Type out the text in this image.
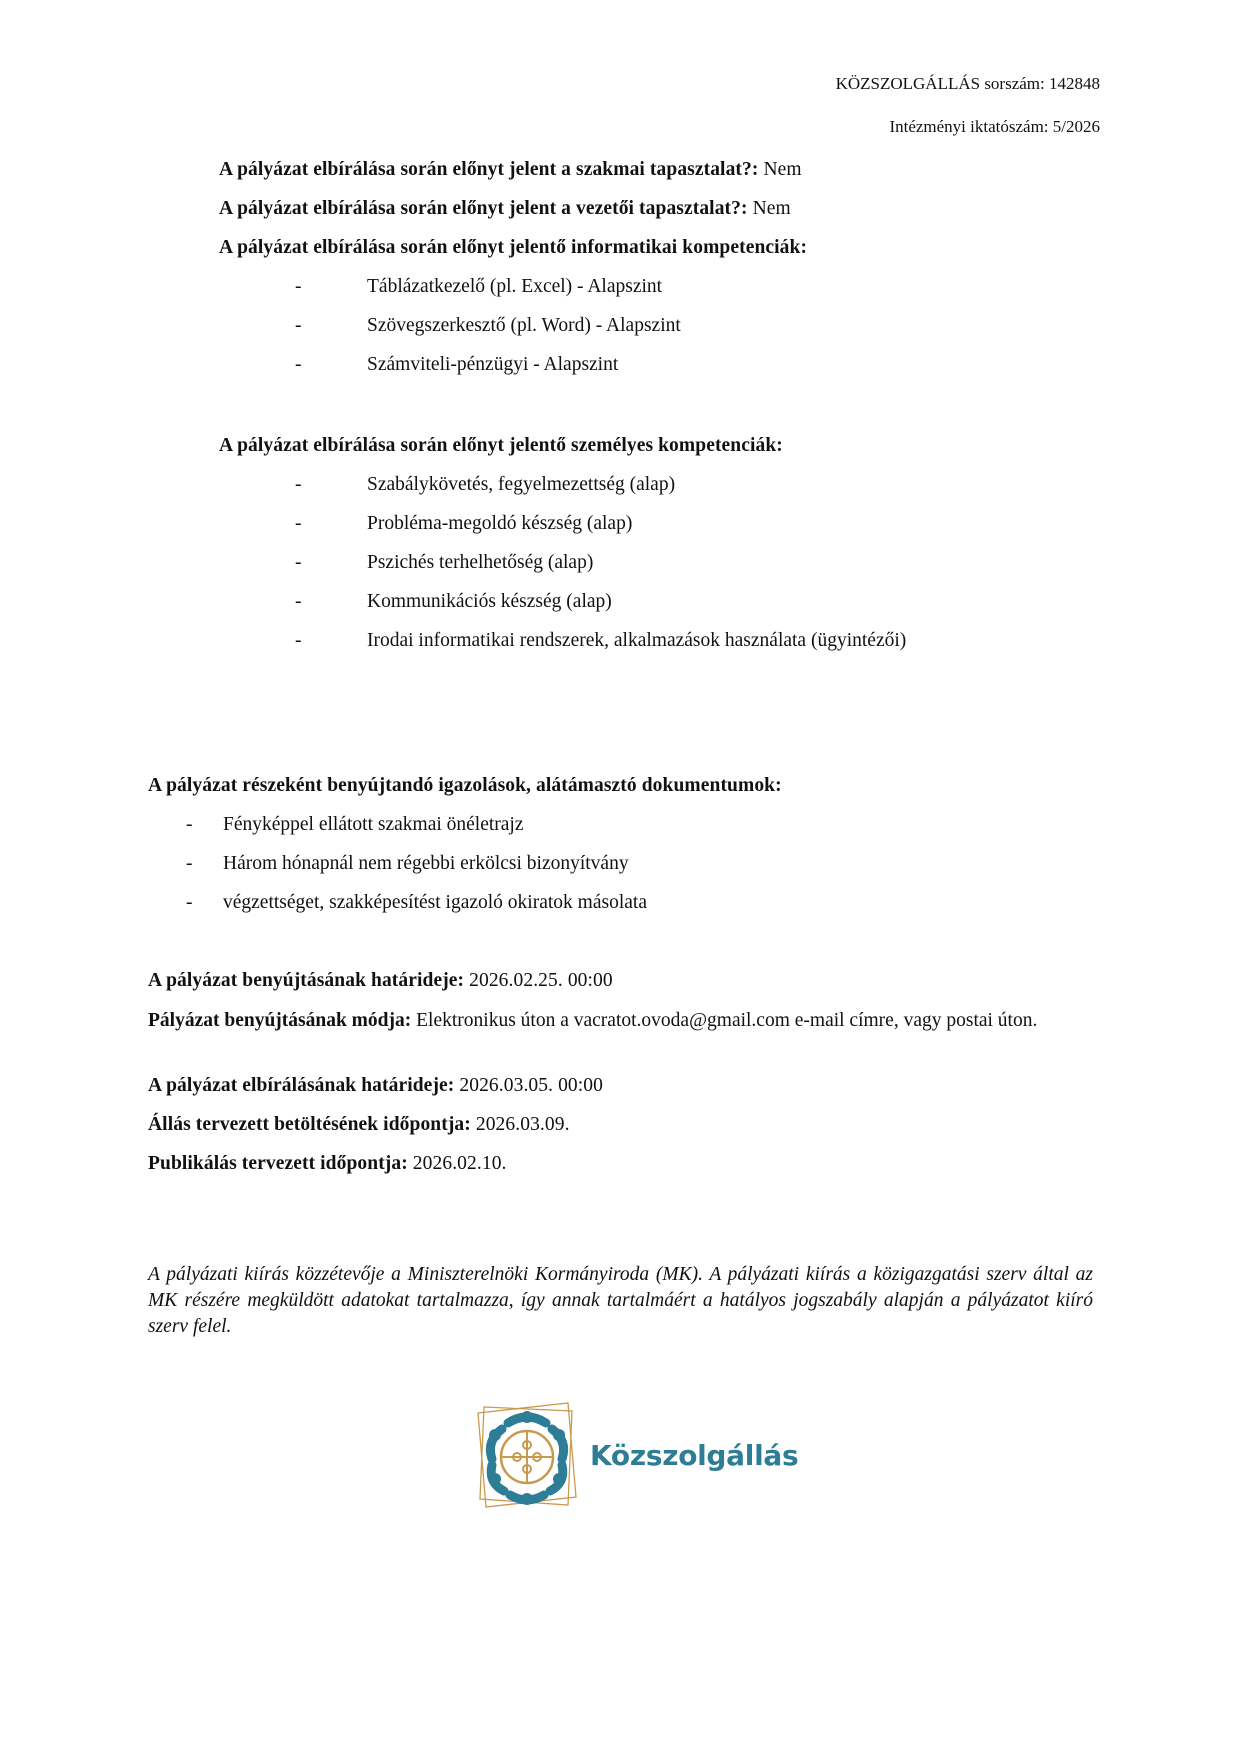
KÖZSZOLGÁLLÁS sorszám: 142848
Intézményi iktatószám: 5/2026
A pályázat elbírálása során előnyt jelent a szakmai tapasztalat?: Nem
A pályázat elbírálása során előnyt jelent a vezetői tapasztalat?: Nem
A pályázat elbírálása során előnyt jelentő informatikai kompetenciák:
-	Táblázatkezelő (pl. Excel) - Alapszint
-	Szövegszerkesztő (pl. Word) - Alapszint
-	Számviteli-pénzügyi - Alapszint
A pályázat elbírálása során előnyt jelentő személyes kompetenciák:
-	Szabálykövetés, fegyelmezettség (alap)
-	Probléma-megoldó készség (alap)
-	Pszichés terhelhetőség (alap)
-	Kommunikációs készség (alap)
-	Irodai informatikai rendszerek, alkalmazások használata (ügyintézői)
A pályázat részeként benyújtandó igazolások, alátámasztó dokumentumok:
- Fényképpel ellátott szakmai önéletrajz
- Három hónapnál nem régebbi erkölcsi bizonyítvány
- végzettséget, szakképesítést igazoló okiratok másolata
A pályázat benyújtásának határideje: 2026.02.25. 00:00
Pályázat benyújtásának módja: Elektronikus úton a vacratot.ovoda@gmail.com e-mail címre, vagy postai úton.
A pályázat elbírálásának határideje: 2026.03.05. 00:00
Állás tervezett betöltésének időpontja: 2026.03.09.
Publikálás tervezett időpontja: 2026.02.10.
A pályázati kiírás közzétevője a Miniszterelnöki Kormányiroda (MK). A pályázati kiírás a közigazgatási szerv által az MK részére megküldött adatokat tartalmazza, így annak tartalmáért a hatályos jogszabály alapján a pályázatot kiíró szerv felel.
Közszolgállás
